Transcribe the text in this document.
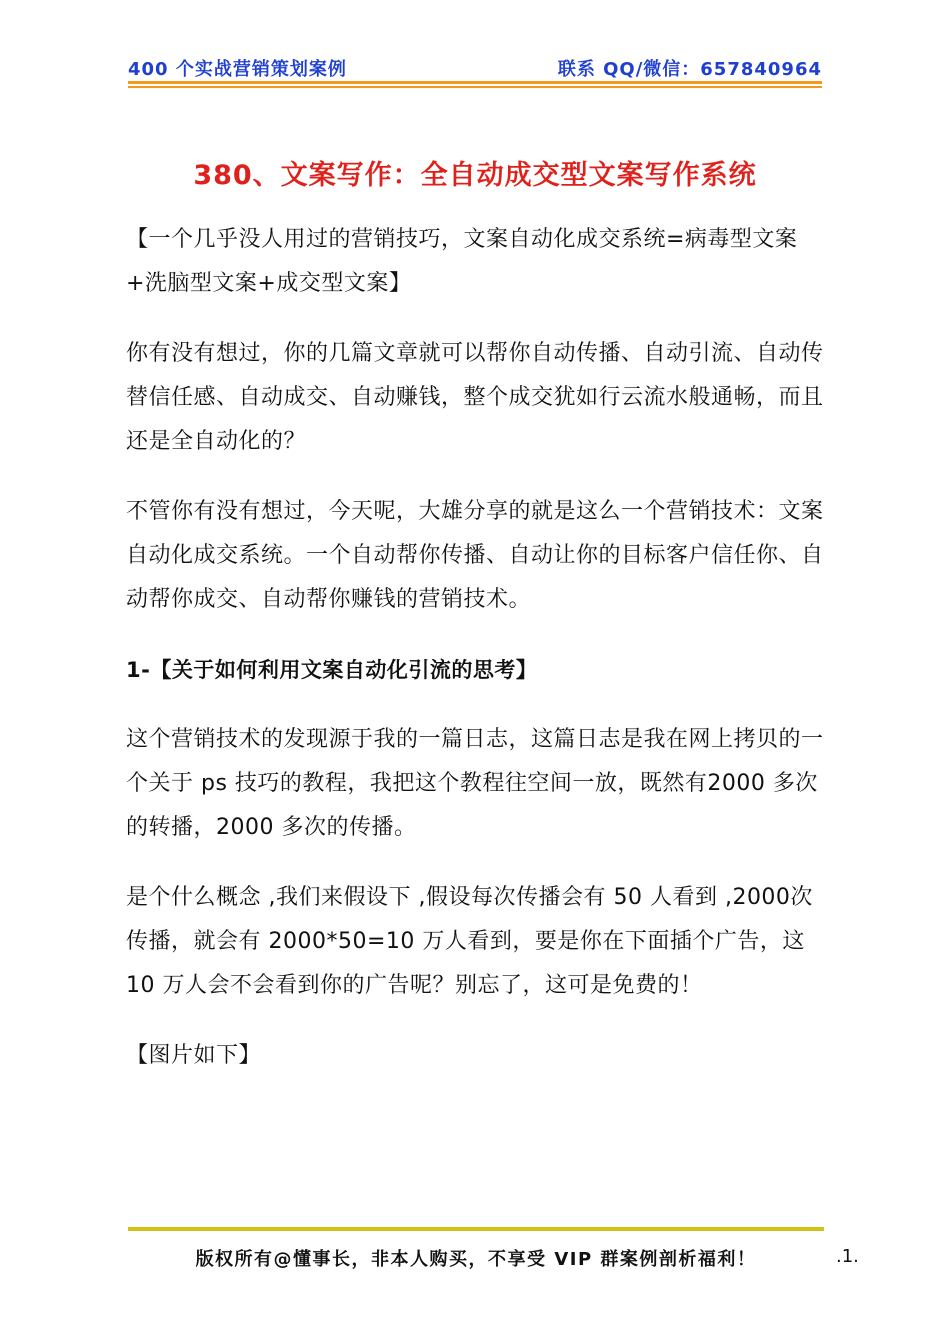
400 个实战营销策划案例	联系 QQ/微信：657840964
380、文案写作：全自动成交型文案写作系统

【一个几乎没人用过的营销技巧，文案自动化成交系统=病毒型文案+洗脑型文案+成交型文案】

你有没有想过，你的几篇文章就可以帮你自动传播、自动引流、自动传替信任感、自动成交、自动赚钱，整个成交犹如行云流水般通畅，而且还是全自动化的？

不管你有没有想过，今天呢，大雄分享的就是这么一个营销技术：文案自动化成交系统。一个自动帮你传播、自动让你的目标客户信任你、自动帮你成交、自动帮你赚钱的营销技术。

1-【关于如何利用文案自动化引流的思考】

这个营销技术的发现源于我的一篇日志，这篇日志是我在网上拷贝的一个关于 ps 技巧的教程，我把这个教程往空间一放，既然有2000 多次的转播，2000 多次的传播。

是个什么概念 ,我们来假设下 ,假设每次传播会有 50 人看到 ,2000次传播，就会有 2000*50=10 万人看到，要是你在下面插个广告，这 10 万人会不会看到你的广告呢？别忘了，这可是免费的！

【图片如下】

版权所有@懂事长，非本人购买，不享受 VIP 群案例剖析福利！	.1.
